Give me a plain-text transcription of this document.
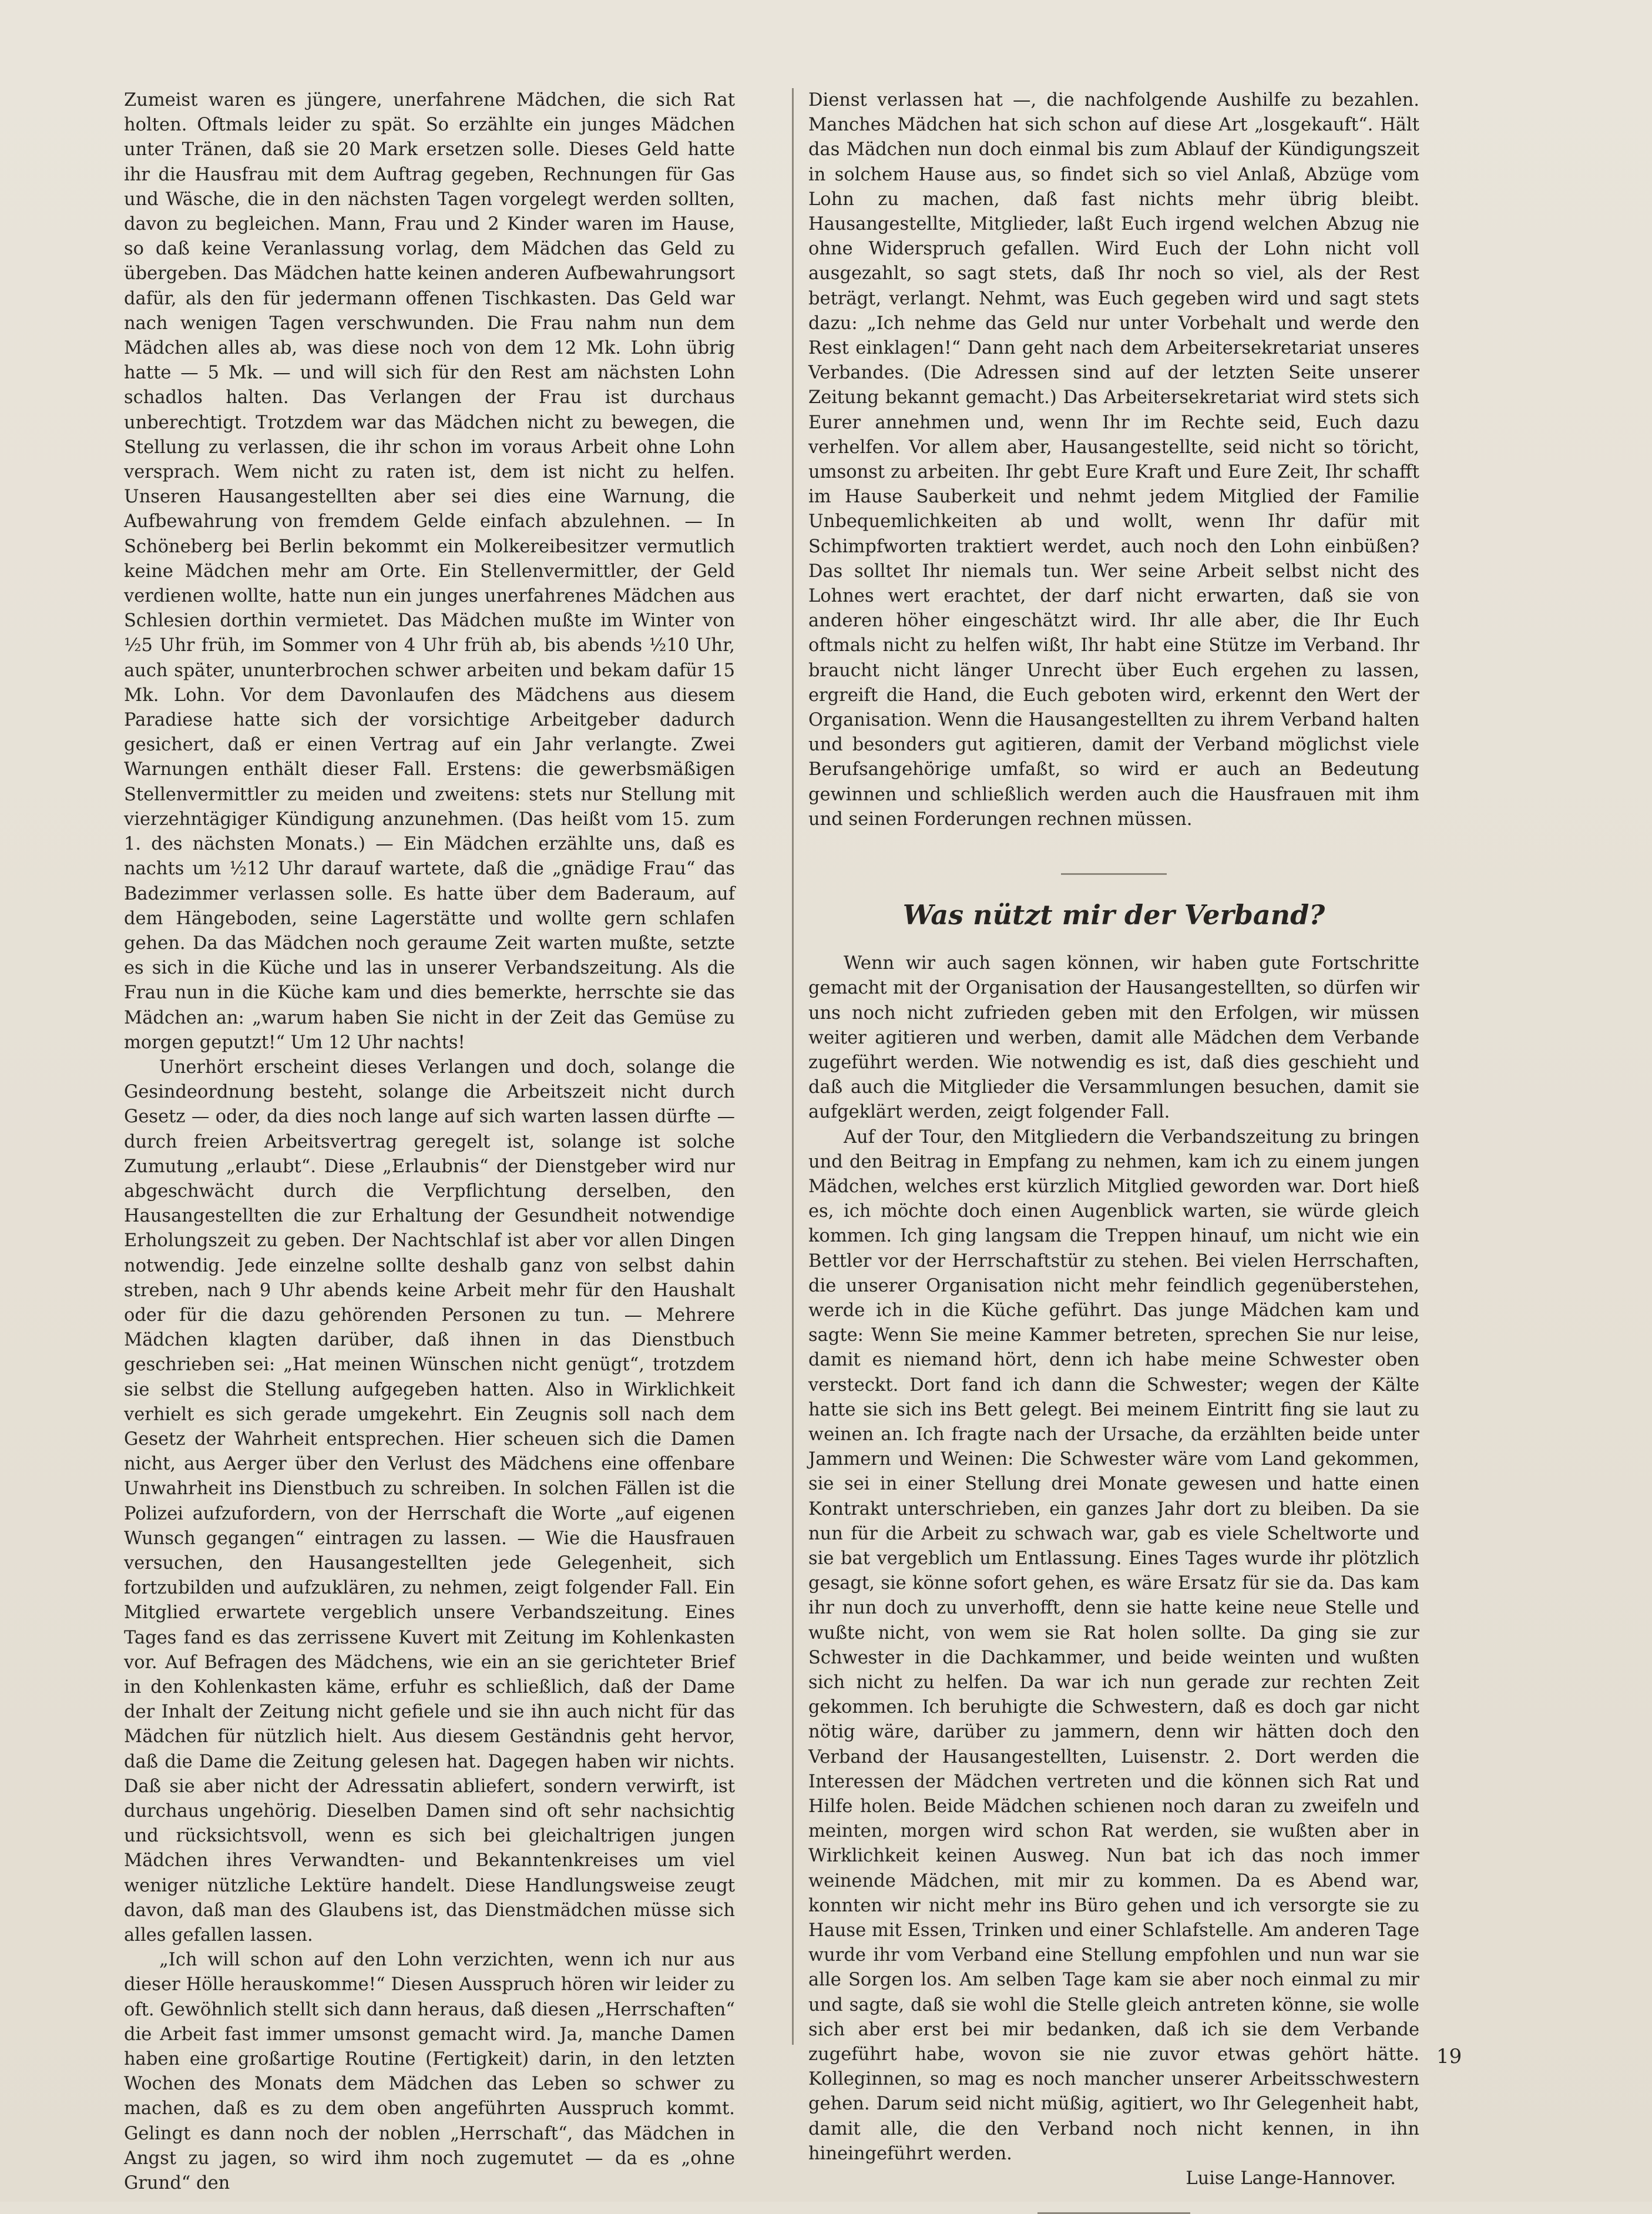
Zumeist waren es jüngere, unerfahrene Mädchen, die sich Rat holten. Oftmals leider zu spät. So erzählte ein junges Mädchen unter Tränen, daß sie 20 Mark ersetzen solle. Dieses Geld hatte ihr die Hausfrau mit dem Auftrag gegeben, Rechnungen für Gas und Wäsche, die in den nächsten Tagen vorgelegt werden sollten, davon zu begleichen. Mann, Frau und 2 Kinder waren im Hause, so daß keine Veranlassung vorlag, dem Mädchen das Geld zu übergeben. Das Mädchen hatte keinen anderen Aufbewahrungsort dafür, als den für jedermann offenen Tischkasten. Das Geld war nach wenigen Tagen verschwunden. Die Frau nahm nun dem Mädchen alles ab, was diese noch von dem 12 Mk. Lohn übrig hatte — 5 Mk. — und will sich für den Rest am nächsten Lohn schadlos halten. Das Verlangen der Frau ist durchaus unberechtigt. Trotzdem war das Mädchen nicht zu bewegen, die Stellung zu verlassen, die ihr schon im voraus Arbeit ohne Lohn versprach. Wem nicht zu raten ist, dem ist nicht zu helfen. Unseren Hausangestellten aber sei dies eine Warnung, die Aufbewahrung von fremdem Gelde einfach abzulehnen. — In Schöneberg bei Berlin bekommt ein Molkereibesitzer vermutlich keine Mädchen mehr am Orte. Ein Stellenvermittler, der Geld verdienen wollte, hatte nun ein junges unerfahrenes Mädchen aus Schlesien dorthin vermietet. Das Mädchen mußte im Winter von ½5 Uhr früh, im Sommer von 4 Uhr früh ab, bis abends ½10 Uhr, auch später, ununterbrochen schwer arbeiten und bekam dafür 15 Mk. Lohn. Vor dem Davonlaufen des Mädchens aus diesem Paradiese hatte sich der vorsichtige Arbeitgeber dadurch gesichert, daß er einen Vertrag auf ein Jahr verlangte. Zwei Warnungen enthält dieser Fall. Erstens: die gewerbsmäßigen Stellenvermittler zu meiden und zweitens: stets nur Stellung mit vierzehntägiger Kündigung anzunehmen. (Das heißt vom 15. zum 1. des nächsten Monats.) — Ein Mädchen erzählte uns, daß es nachts um ½12 Uhr darauf wartete, daß die „gnädige Frau“ das Badezimmer verlassen solle. Es hatte über dem Baderaum, auf dem Hängeboden, seine Lagerstätte und wollte gern schlafen gehen. Da das Mädchen noch geraume Zeit warten mußte, setzte es sich in die Küche und las in unserer Verbandszeitung. Als die Frau nun in die Küche kam und dies bemerkte, herrschte sie das Mädchen an: „warum haben Sie nicht in der Zeit das Gemüse zu morgen geputzt!“ Um 12 Uhr nachts!

Unerhört erscheint dieses Verlangen und doch, solange die Gesindeordnung besteht, solange die Arbeitszeit nicht durch Gesetz — oder, da dies noch lange auf sich warten lassen dürfte — durch freien Arbeitsvertrag geregelt ist, solange ist solche Zumutung „erlaubt“. Diese „Erlaubnis“ der Dienstgeber wird nur abgeschwächt durch die Verpflichtung derselben, den Hausangestellten die zur Erhaltung der Gesundheit notwendige Erholungszeit zu geben. Der Nachtschlaf ist aber vor allen Dingen notwendig. Jede einzelne sollte deshalb ganz von selbst dahin streben, nach 9 Uhr abends keine Arbeit mehr für den Haushalt oder für die dazu gehörenden Personen zu tun. — Mehrere Mädchen klagten darüber, daß ihnen in das Dienstbuch geschrieben sei: „Hat meinen Wünschen nicht genügt“, trotzdem sie selbst die Stellung aufgegeben hatten. Also in Wirklichkeit verhielt es sich gerade umgekehrt. Ein Zeugnis soll nach dem Gesetz der Wahrheit entsprechen. Hier scheuen sich die Damen nicht, aus Aerger über den Verlust des Mädchens eine offenbare Unwahrheit ins Dienstbuch zu schreiben. In solchen Fällen ist die Polizei aufzufordern, von der Herrschaft die Worte „auf eigenen Wunsch gegangen“ eintragen zu lassen. — Wie die Hausfrauen versuchen, den Hausangestellten jede Gelegenheit, sich fortzubilden und aufzuklären, zu nehmen, zeigt folgender Fall. Ein Mitglied erwartete vergeblich unsere Verbandszeitung. Eines Tages fand es das zerrissene Kuvert mit Zeitung im Kohlenkasten vor. Auf Befragen des Mädchens, wie ein an sie gerichteter Brief in den Kohlenkasten käme, erfuhr es schließlich, daß der Dame der Inhalt der Zeitung nicht gefiele und sie ihn auch nicht für das Mädchen für nützlich hielt. Aus diesem Geständnis geht hervor, daß die Dame die Zeitung gelesen hat. Dagegen haben wir nichts. Daß sie aber nicht der Adressatin abliefert, sondern verwirft, ist durchaus ungehörig. Dieselben Damen sind oft sehr nachsichtig und rücksichtsvoll, wenn es sich bei gleichaltrigen jungen Mädchen ihres Verwandten- und Bekanntenkreises um viel weniger nützliche Lektüre handelt. Diese Handlungsweise zeugt davon, daß man des Glaubens ist, das Dienstmädchen müsse sich alles gefallen lassen.

„Ich will schon auf den Lohn verzichten, wenn ich nur aus dieser Hölle herauskomme!“ Diesen Ausspruch hören wir leider zu oft. Gewöhnlich stellt sich dann heraus, daß diesen „Herrschaften“ die Arbeit fast immer umsonst gemacht wird. Ja, manche Damen haben eine großartige Routine (Fertigkeit) darin, in den letzten Wochen des Monats dem Mädchen das Leben so schwer zu machen, daß es zu dem oben angeführten Ausspruch kommt. Gelingt es dann noch der noblen „Herrschaft“, das Mädchen in Angst zu jagen, so wird ihm noch zugemutet — da es „ohne Grund“ den

Dienst verlassen hat —, die nachfolgende Aushilfe zu bezahlen. Manches Mädchen hat sich schon auf diese Art „losgekauft“. Hält das Mädchen nun doch einmal bis zum Ablauf der Kündigungszeit in solchem Hause aus, so findet sich so viel Anlaß, Abzüge vom Lohn zu machen, daß fast nichts mehr übrig bleibt. Hausangestellte, Mitglieder, laßt Euch irgend welchen Abzug nie ohne Widerspruch gefallen. Wird Euch der Lohn nicht voll ausgezahlt, so sagt stets, daß Ihr noch so viel, als der Rest beträgt, verlangt. Nehmt, was Euch gegeben wird und sagt stets dazu: „Ich nehme das Geld nur unter Vorbehalt und werde den Rest einklagen!“ Dann geht nach dem Arbeitersekretariat unseres Verbandes. (Die Adressen sind auf der letzten Seite unserer Zeitung bekannt gemacht.) Das Arbeitersekretariat wird stets sich Eurer annehmen und, wenn Ihr im Rechte seid, Euch dazu verhelfen. Vor allem aber, Hausangestellte, seid nicht so töricht, umsonst zu arbeiten. Ihr gebt Eure Kraft und Eure Zeit, Ihr schafft im Hause Sauberkeit und nehmt jedem Mitglied der Familie Unbequemlichkeiten ab und wollt, wenn Ihr dafür mit Schimpfworten traktiert werdet, auch noch den Lohn einbüßen? Das solltet Ihr niemals tun. Wer seine Arbeit selbst nicht des Lohnes wert erachtet, der darf nicht erwarten, daß sie von anderen höher eingeschätzt wird. Ihr alle aber, die Ihr Euch oftmals nicht zu helfen wißt, Ihr habt eine Stütze im Verband. Ihr braucht nicht länger Unrecht über Euch ergehen zu lassen, ergreift die Hand, die Euch geboten wird, erkennt den Wert der Organisation. Wenn die Hausangestellten zu ihrem Verband halten und besonders gut agitieren, damit der Verband möglichst viele Berufsangehörige umfaßt, so wird er auch an Bedeutung gewinnen und schließlich werden auch die Hausfrauen mit ihm und seinen Forderungen rechnen müssen.

Was nützt mir der Verband?

Wenn wir auch sagen können, wir haben gute Fortschritte gemacht mit der Organisation der Hausangestellten, so dürfen wir uns noch nicht zufrieden geben mit den Erfolgen, wir müssen weiter agitieren und werben, damit alle Mädchen dem Verbande zugeführt werden. Wie notwendig es ist, daß dies geschieht und daß auch die Mitglieder die Versammlungen besuchen, damit sie aufgeklärt werden, zeigt folgender Fall.

Auf der Tour, den Mitgliedern die Verbandszeitung zu bringen und den Beitrag in Empfang zu nehmen, kam ich zu einem jungen Mädchen, welches erst kürzlich Mitglied geworden war. Dort hieß es, ich möchte doch einen Augenblick warten, sie würde gleich kommen. Ich ging langsam die Treppen hinauf, um nicht wie ein Bettler vor der Herrschaftstür zu stehen. Bei vielen Herrschaften, die unserer Organisation nicht mehr feindlich gegenüberstehen, werde ich in die Küche geführt. Das junge Mädchen kam und sagte: Wenn Sie meine Kammer betreten, sprechen Sie nur leise, damit es niemand hört, denn ich habe meine Schwester oben versteckt. Dort fand ich dann die Schwester; wegen der Kälte hatte sie sich ins Bett gelegt. Bei meinem Eintritt fing sie laut zu weinen an. Ich fragte nach der Ursache, da erzählten beide unter Jammern und Weinen: Die Schwester wäre vom Land gekommen, sie sei in einer Stellung drei Monate gewesen und hatte einen Kontrakt unterschrieben, ein ganzes Jahr dort zu bleiben. Da sie nun für die Arbeit zu schwach war, gab es viele Scheltworte und sie bat vergeblich um Entlassung. Eines Tages wurde ihr plötzlich gesagt, sie könne sofort gehen, es wäre Ersatz für sie da. Das kam ihr nun doch zu unverhofft, denn sie hatte keine neue Stelle und wußte nicht, von wem sie Rat holen sollte. Da ging sie zur Schwester in die Dachkammer, und beide weinten und wußten sich nicht zu helfen. Da war ich nun gerade zur rechten Zeit gekommen. Ich beruhigte die Schwestern, daß es doch gar nicht nötig wäre, darüber zu jammern, denn wir hätten doch den Verband der Hausangestellten, Luisenstr. 2. Dort werden die Interessen der Mädchen vertreten und die können sich Rat und Hilfe holen. Beide Mädchen schienen noch daran zu zweifeln und meinten, morgen wird schon Rat werden, sie wußten aber in Wirklichkeit keinen Ausweg. Nun bat ich das noch immer weinende Mädchen, mit mir zu kommen. Da es Abend war, konnten wir nicht mehr ins Büro gehen und ich versorgte sie zu Hause mit Essen, Trinken und einer Schlafstelle. Am anderen Tage wurde ihr vom Verband eine Stellung empfohlen und nun war sie alle Sorgen los. Am selben Tage kam sie aber noch einmal zu mir und sagte, daß sie wohl die Stelle gleich antreten könne, sie wolle sich aber erst bei mir bedanken, daß ich sie dem Verbande zugeführt habe, wovon sie nie zuvor etwas gehört hätte. Kolleginnen, so mag es noch mancher unserer Arbeitsschwestern gehen. Darum seid nicht müßig, agitiert, wo Ihr Gelegenheit habt, damit alle, die den Verband noch nicht kennen, in ihn hineingeführt werden.

Luise Lange-Hannover.

19
